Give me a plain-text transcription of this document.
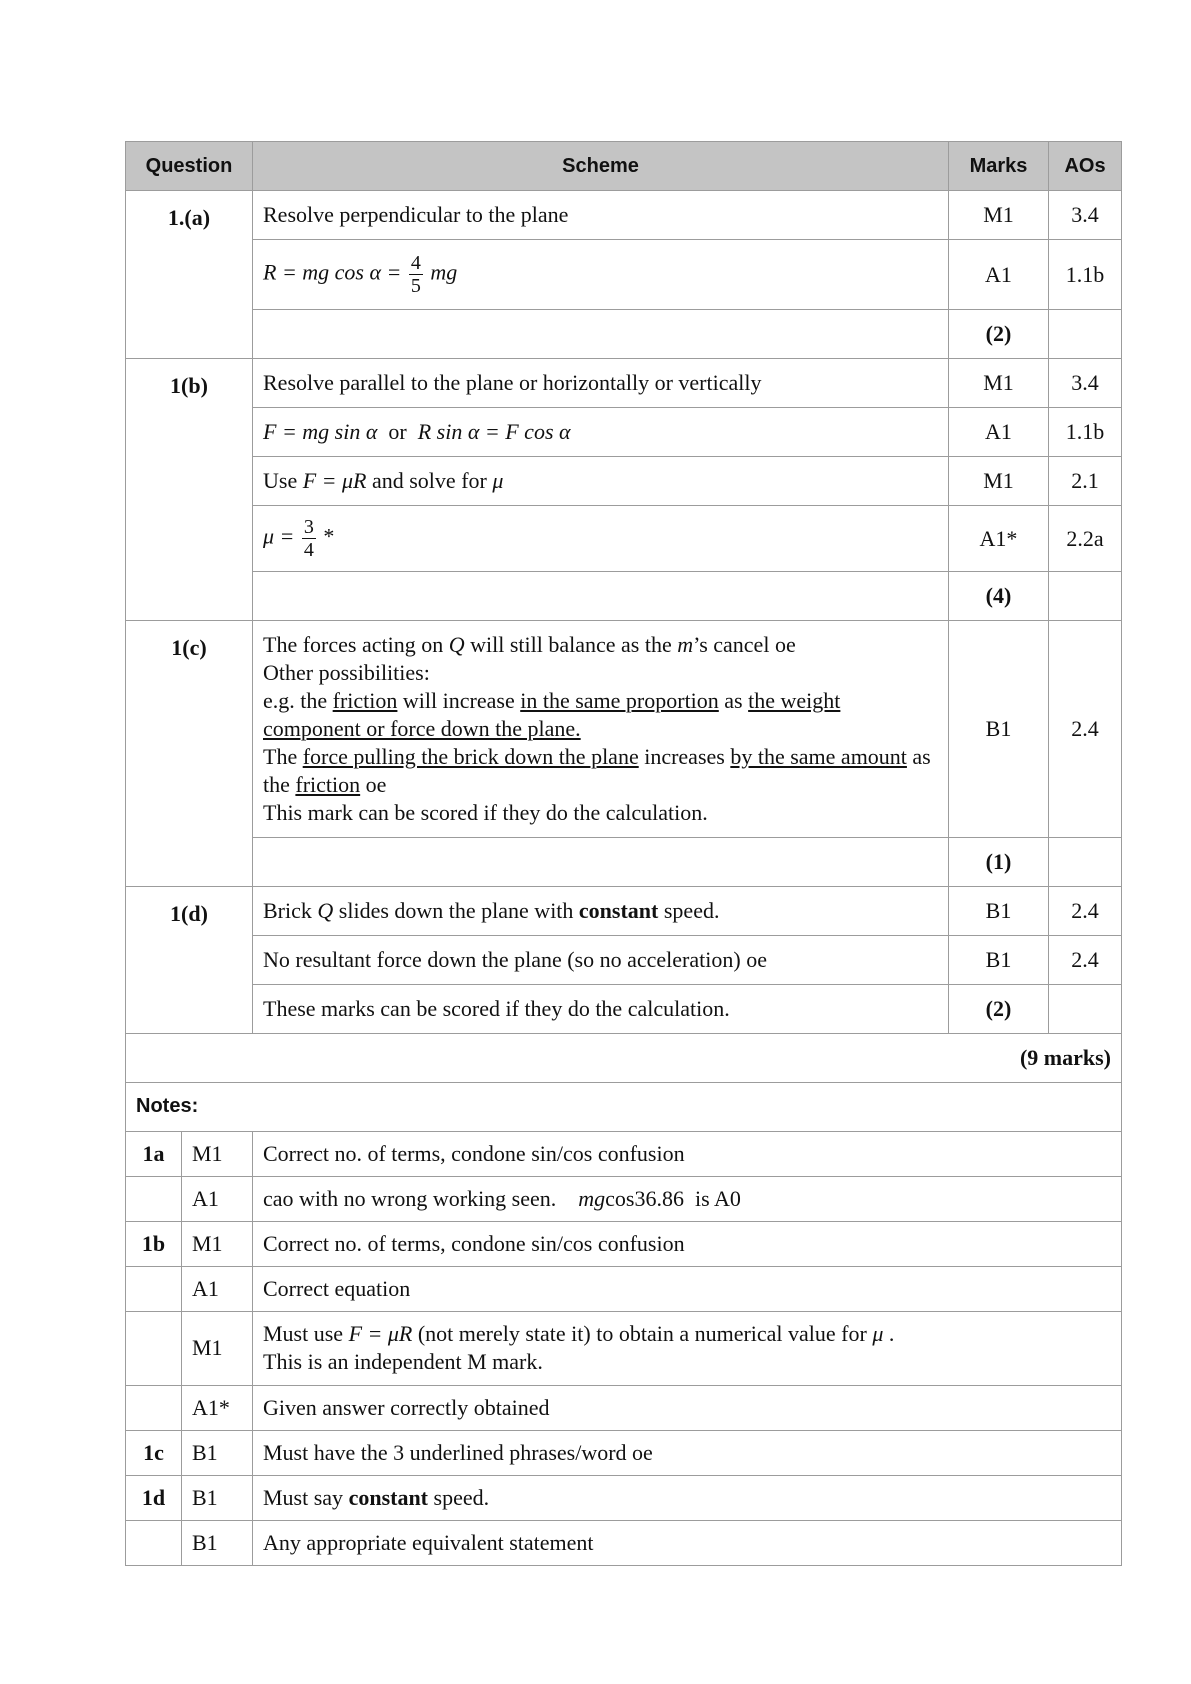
Question	Scheme	Marks	AOs
1.(a)	Resolve perpendicular to the plane	M1	3.4
	R = mg $\cos \alpha = \frac{4}{5}$ mg	A1	1.1b
		(2)	
1(b)	Resolve parallel to the plane or horizontally or vertically	M1	3.4
	F = mg sin α or R sin α = F cos α	A1	1.1b
	Use F = μR and solve for μ	M1	2.1
	$\mu = \frac{3}{4}$ *	A1*	2.2a
		(4)	
1(c)	The forces acting on Q will still balance as the m’s cancel oe
Other possibilities:
e.g. the friction will increase in the same proportion as the weight component or force down the plane.
The force pulling the brick down the plane increases by the same amount as the friction oe
This mark can be scored if they do the calculation.	B1	2.4
		(1)	
1(d)	Brick Q slides down the plane with constant speed.	B1	2.4
	No resultant force down the plane (so no acceleration) oe	B1	2.4
	These marks can be scored if they do the calculation.	(2)	
(9 marks)			
Notes:		
1a	M1	Correct no. of terms, condone sin/cos confusion
	A1	cao with no wrong working seen.    mgcos36.86  is A0
1b	M1	Correct no. of terms, condone sin/cos confusion
	A1	Correct equation
	M1	Must use F = μR (not merely state it) to obtain a numerical value for μ .
This is an independent M mark.

	A1*	Given answer correctly obtained
1c	B1	Must have the 3 underlined phrases/word oe
1d	B1	Must say constant speed.
	B1	Any appropriate equivalent statement
